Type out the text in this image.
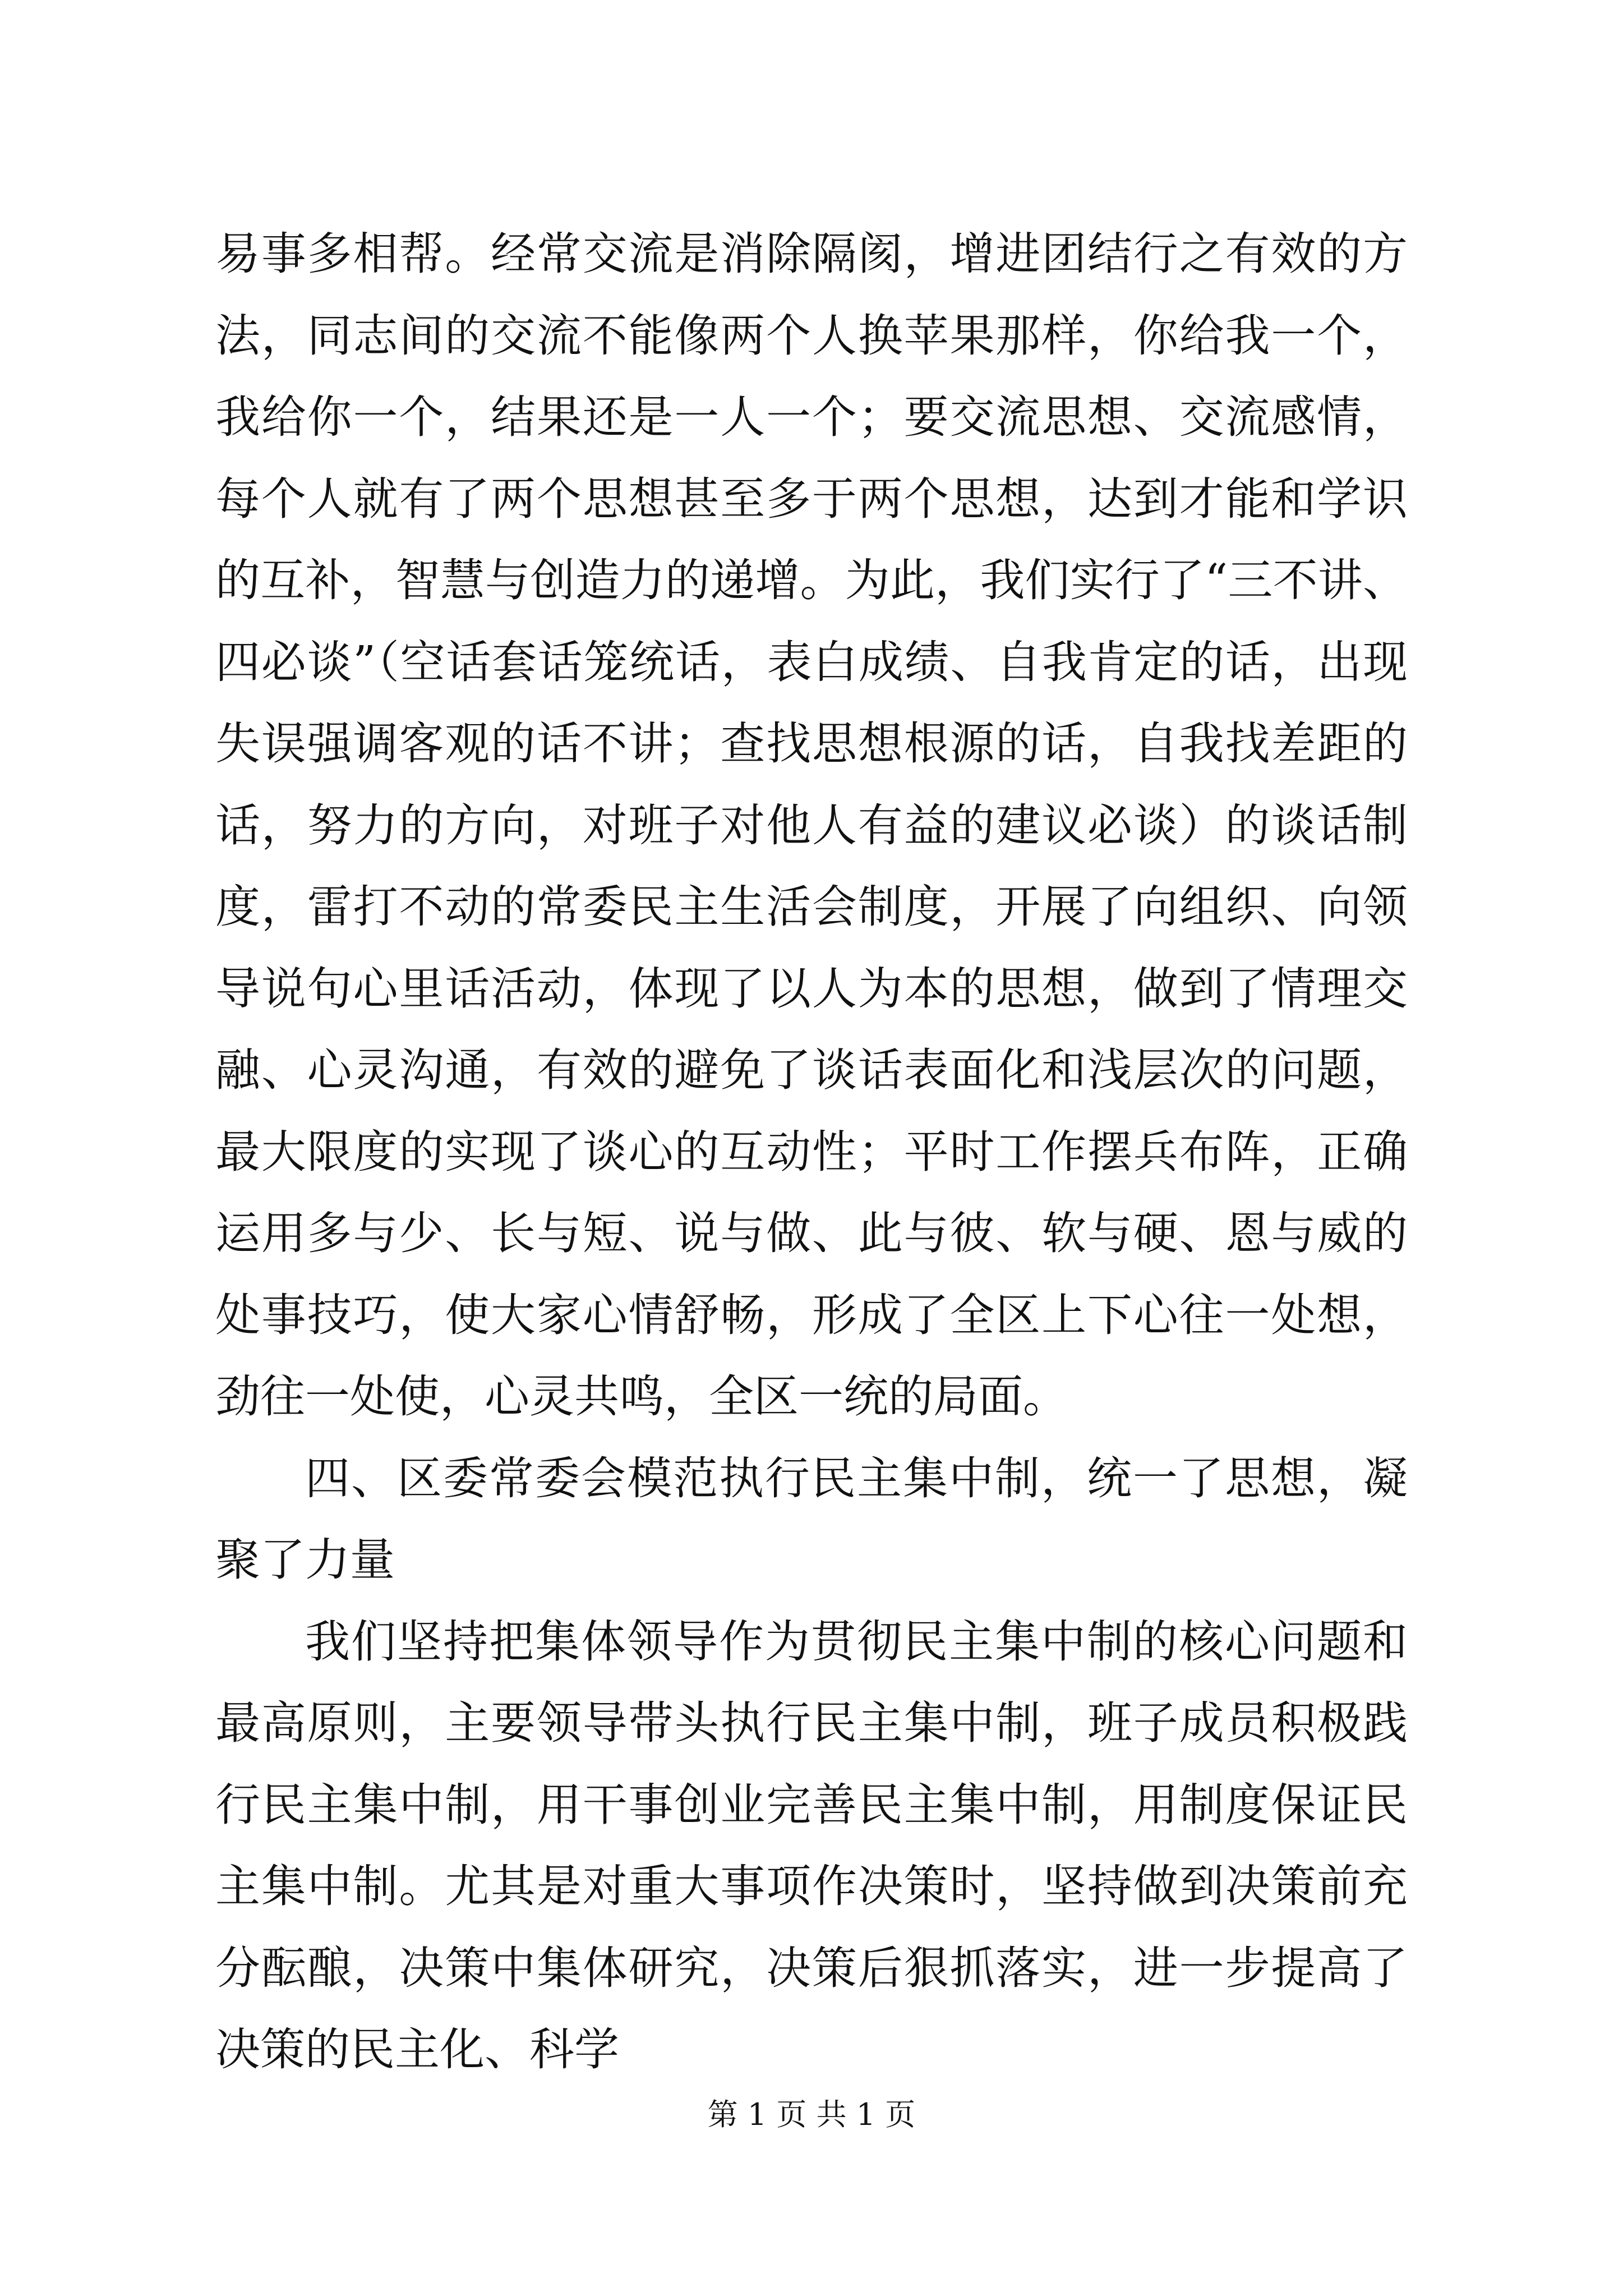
易事多相帮。经常交流是消除隔阂，增进团结行之有效的方法，同志间的交流不能像两个人换苹果那样，你给我一个，我给你一个，结果还是一人一个；要交流思想、交流感情，每个人就有了两个思想甚至多于两个思想，达到才能和学识的互补，智慧与创造力的递增。为此，我们实行了“三不讲、四必谈”（空话套话笼统话，表白成绩、自我肯定的话，出现失误强调客观的话不讲；查找思想根源的话，自我找差距的话，努力的方向，对班子对他人有益的建议必谈）的谈话制度，雷打不动的常委民主生活会制度，开展了向组织、向领导说句心里话活动，体现了以人为本的思想，做到了情理交融、心灵沟通，有效的避免了谈话表面化和浅层次的问题，最大限度的实现了谈心的互动性；平时工作摆兵布阵，正确运用多与少、长与短、说与做、此与彼、软与硬、恩与威的处事技巧，使大家心情舒畅，形成了全区上下心往一处想，劲往一处使，心灵共鸣，全区一统的局面。

四、区委常委会模范执行民主集中制，统一了思想，凝聚了力量

我们坚持把集体领导作为贯彻民主集中制的核心问题和最高原则，主要领导带头执行民主集中制，班子成员积极践行民主集中制，用干事创业完善民主集中制，用制度保证民主集中制。尤其是对重大事项作决策时，坚持做到决策前充分酝酿，决策中集体研究，决策后狠抓落实，进一步提高了决策的民主化、科学

第 1 页 共 1 页
